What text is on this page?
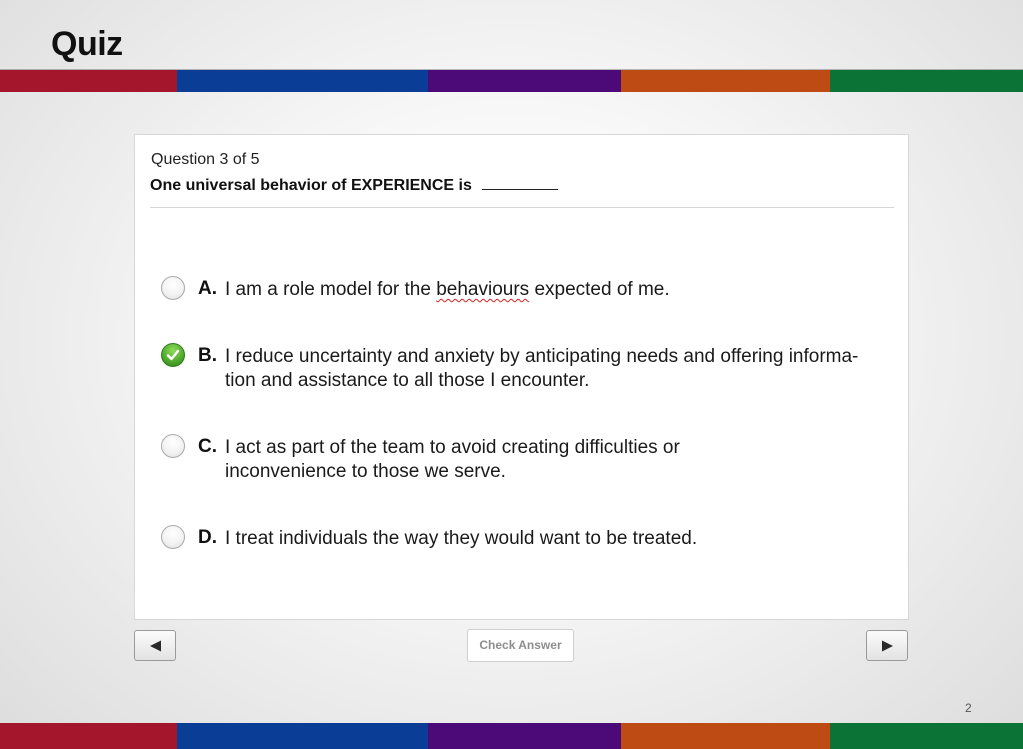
Quiz
Question 3 of 5
One universal behavior of EXPERIENCE is
A. I am a role model for the behaviours expected of me.
B. I reduce uncertainty and anxiety by anticipating needs and offering informa-
tion and assistance to all those I encounter.
C. I act as part of the team to avoid creating difficulties or
inconvenience to those we serve.
D. I treat individuals the way they would want to be treated.
Check Answer
2
